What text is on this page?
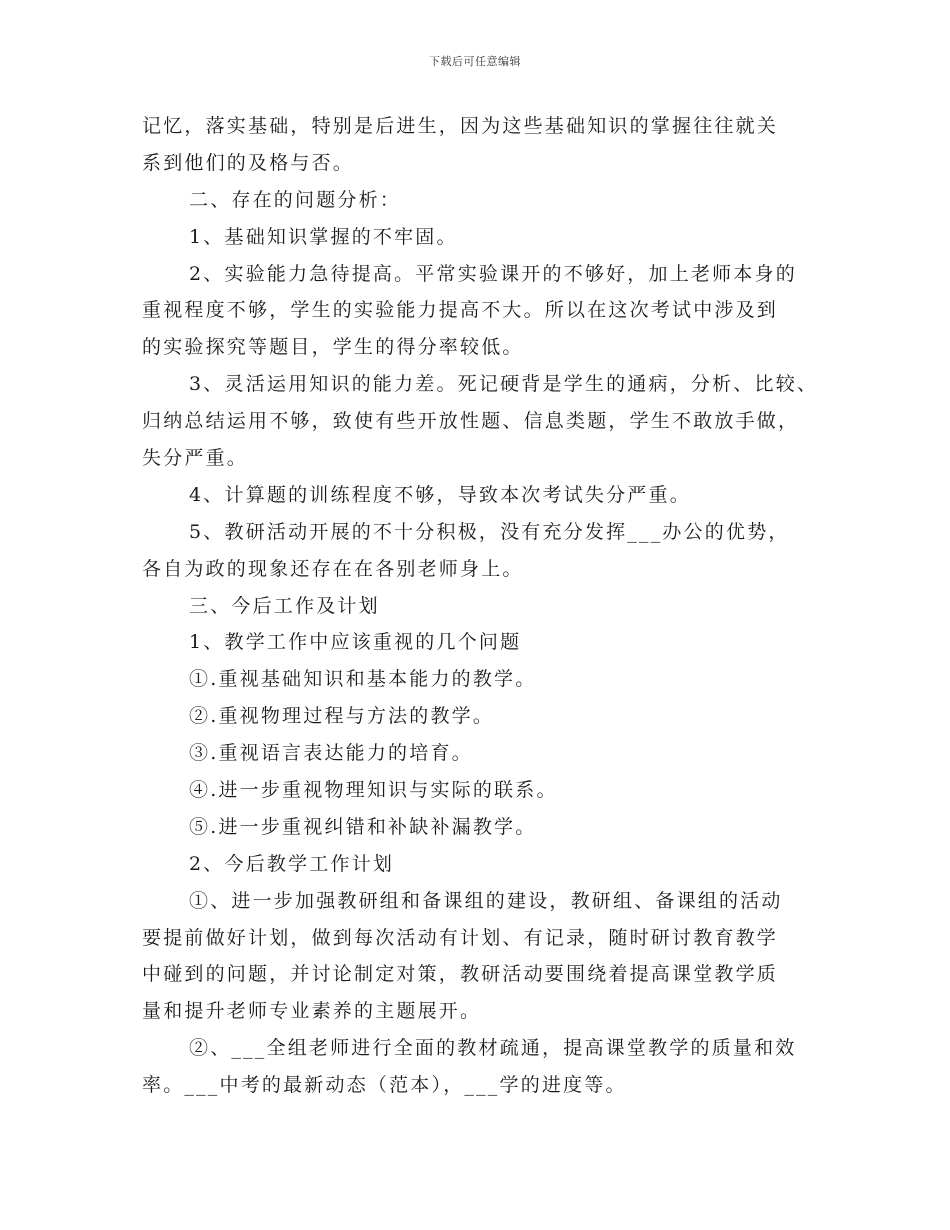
下载后可任意编辑
记忆，落实基础，特别是后进生，因为这些基础知识的掌握往往就关
系到他们的及格与否。
二、存在的问题分析：
1、基础知识掌握的不牢固。
2、实验能力急待提高。平常实验课开的不够好，加上老师本身的
重视程度不够，学生的实验能力提高不大。所以在这次考试中涉及到
的实验探究等题目，学生的得分率较低。
3、灵活运用知识的能力差。死记硬背是学生的通病，分析、比较、
归纳总结运用不够，致使有些开放性题、信息类题，学生不敢放手做，
失分严重。
4、计算题的训练程度不够，导致本次考试失分严重。
5、教研活动开展的不十分积极，没有充分发挥___办公的优势，
各自为政的现象还存在在各别老师身上。
三、今后工作及计划
1、教学工作中应该重视的几个问题
①.重视基础知识和基本能力的教学。
②.重视物理过程与方法的教学。
③.重视语言表达能力的培育。
④.进一步重视物理知识与实际的联系。
⑤.进一步重视纠错和补缺补漏教学。
2、今后教学工作计划
①、进一步加强教研组和备课组的建设，教研组、备课组的活动
要提前做好计划，做到每次活动有计划、有记录，随时研讨教育教学
中碰到的问题，并讨论制定对策，教研活动要围绕着提高课堂教学质
量和提升老师专业素养的主题展开。
②、___全组老师进行全面的教材疏通，提高课堂教学的质量和效
率。___中考的最新动态（范本），___学的进度等。
